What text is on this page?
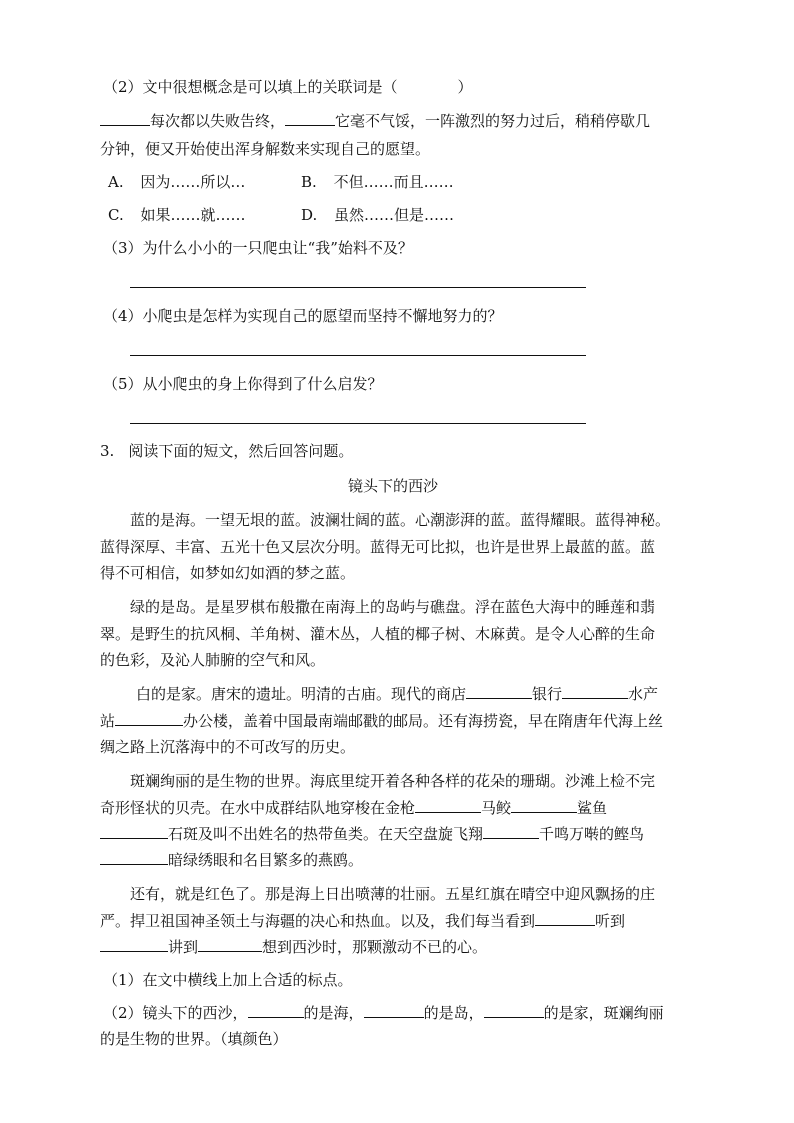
（2）文中很想概念是可以填上的关联词是（　　　　）
每次都以失败告终，	它毫不气馁，一阵激烈的努力过后，稍稍停歇几
分钟，便又开始使出浑身解数来实现自己的愿望。
A. 因为……所以…	B. 不但……而且……
C. 如果……就……	D. 虽然……但是……
（3）为什么小小的一只爬虫让“我”始料不及？
（4）小爬虫是怎样为实现自己的愿望而坚持不懈地努力的？
（5）从小爬虫的身上你得到了什么启发？
3. 阅读下面的短文，然后回答问题。
镜头下的西沙
蓝的是海。一望无垠的蓝。波澜壮阔的蓝。心潮澎湃的蓝。蓝得耀眼。蓝得神秘。
蓝得深厚、丰富、五光十色又层次分明。蓝得无可比拟，也许是世界上最蓝的蓝。蓝
得不可相信，如梦如幻如酒的梦之蓝。
绿的是岛。是星罗棋布般撒在南海上的岛屿与礁盘。浮在蓝色大海中的睡莲和翡
翠。是野生的抗风桐、羊角树、灌木丛，人植的椰子树、木麻黄。是令人心醉的生命
的色彩，及沁人肺腑的空气和风。
白的是家。唐宋的遗址。明清的古庙。现代的商店	银行	水产
站	办公楼，盖着中国最南端邮戳的邮局。还有海捞瓷，早在隋唐年代海上丝
绸之路上沉落海中的不可改写的历史。
斑斓绚丽的是生物的世界。海底里绽开着各种各样的花朵的珊瑚。沙滩上检不完
奇形怪状的贝壳。在水中成群结队地穿梭在金枪	马鲛	鲨鱼
石斑及叫不出姓名的热带鱼类。在天空盘旋飞翔	千鸣万啭的鲣鸟
暗绿绣眼和名目繁多的燕鸥。
还有，就是红色了。那是海上日出喷薄的壮丽。五星红旗在晴空中迎风飘扬的庄
严。捍卫祖国神圣领土与海疆的决心和热血。以及，我们每当看到	听到
讲到	想到西沙时，那颗激动不已的心。
（1）在文中横线上加上合适的标点。
（2）镜头下的西沙，	的是海，	的是岛，	的是家，斑斓绚丽
的是生物的世界。（填颜色）
